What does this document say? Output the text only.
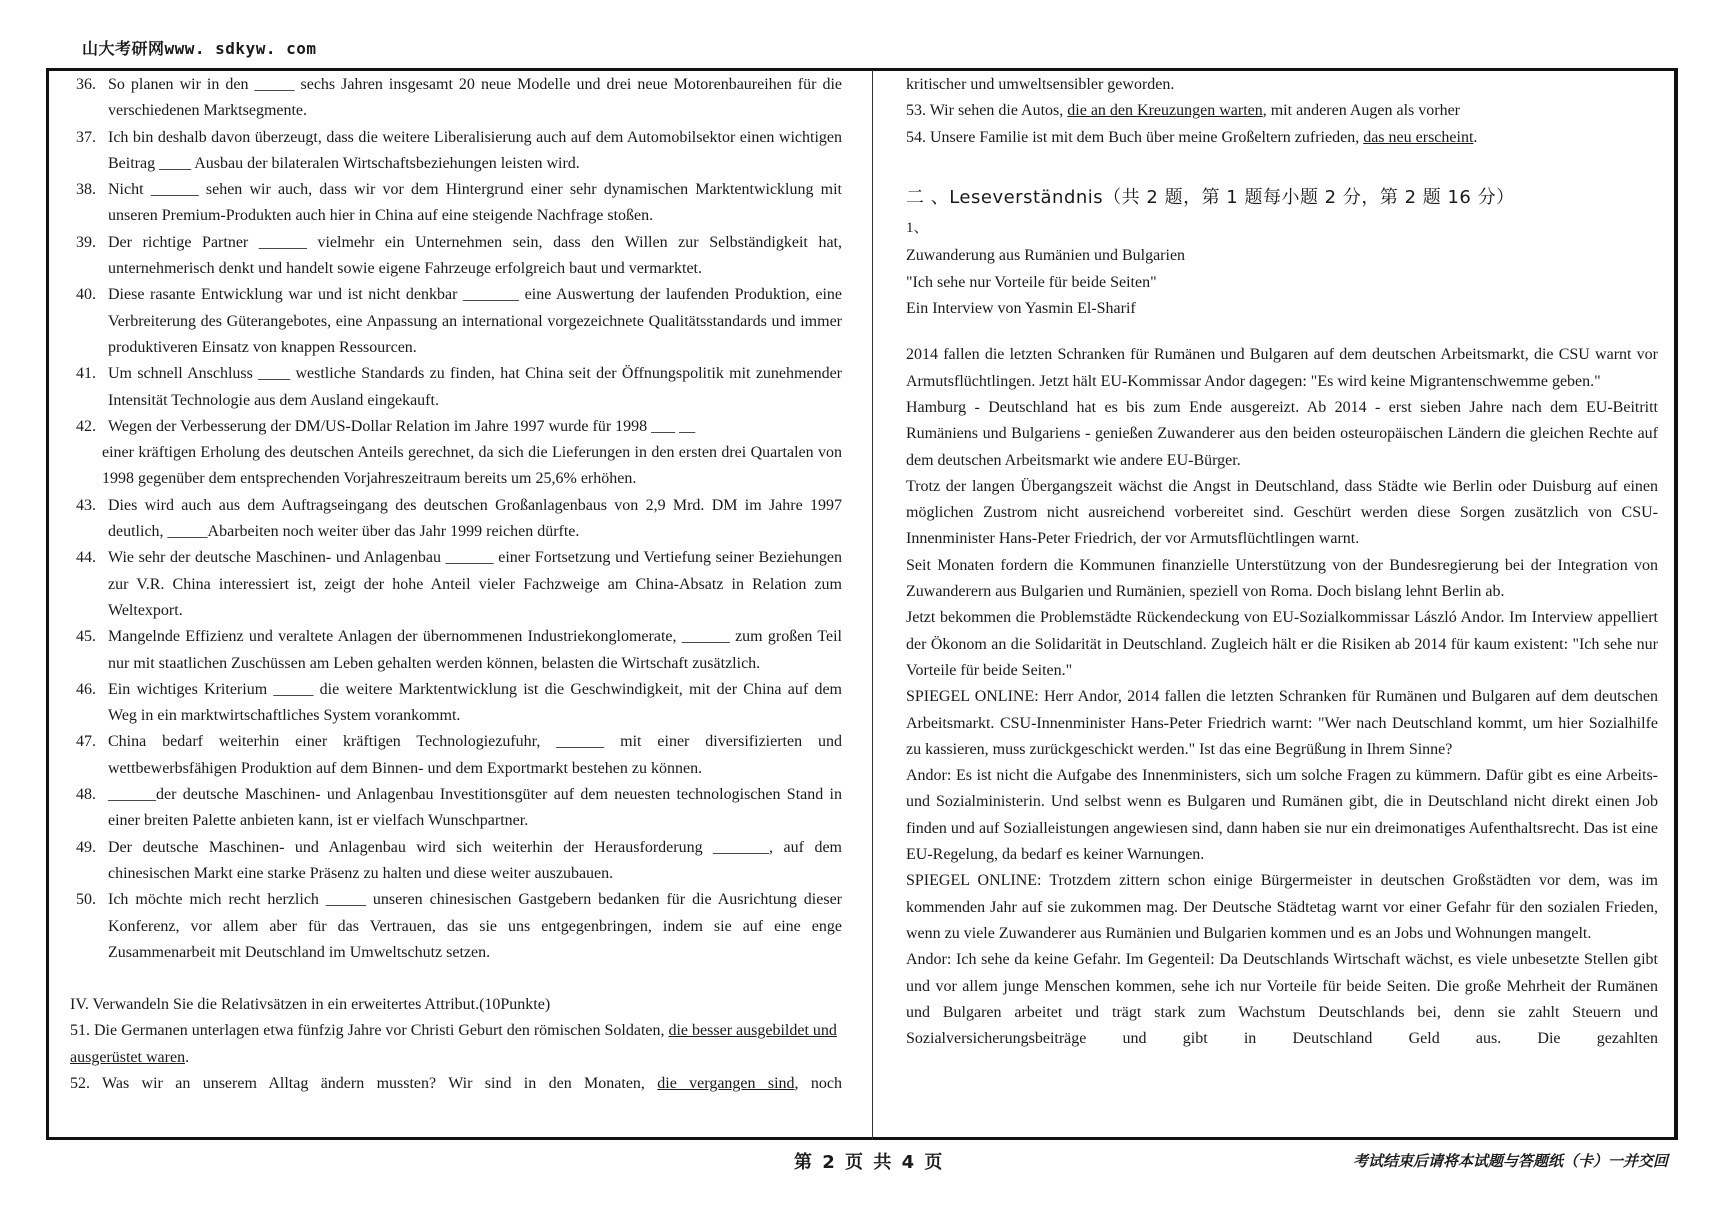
山大考研网www. sdkyw. com
36. So planen wir in den _____ sechs Jahren insgesamt 20 neue Modelle und drei neue Motorenbaureihen für die verschiedenen Marktsegmente.
37. Ich bin deshalb davon überzeugt, dass die weitere Liberalisierung auch auf dem Automobilsektor einen wichtigen Beitrag ____ Ausbau der bilateralen Wirtschaftsbeziehungen leisten wird.
38. Nicht ______ sehen wir auch, dass wir vor dem Hintergrund einer sehr dynamischen Marktentwicklung mit unseren Premium-Produkten auch hier in China auf eine steigende Nachfrage stoßen.
39. Der richtige Partner ______ vielmehr ein Unternehmen sein, dass den Willen zur Selbständigkeit hat, unternehmerisch denkt und handelt sowie eigene Fahrzeuge erfolgreich baut und vermarktet.
40. Diese rasante Entwicklung war und ist nicht denkbar _______ eine Auswertung der laufenden Produktion, eine Verbreiterung des Güterangebotes, eine Anpassung an international vorgezeichnete Qualitätsstandards und immer produktiveren Einsatz von knappen Ressourcen.
41. Um schnell Anschluss ____ westliche Standards zu finden, hat China seit der Öffnungspolitik mit zunehmender Intensität Technologie aus dem Ausland eingekauft.
42. Wegen der Verbesserung der DM/US-Dollar Relation im Jahre 1997 wurde für 1998 ___ __
einer kräftigen Erholung des deutschen Anteils gerechnet, da sich die Lieferungen in den ersten drei Quartalen von 1998 gegenüber dem entsprechenden Vorjahreszeitraum bereits um 25,6% erhöhen.
43. Dies wird auch aus dem Auftragseingang des deutschen Großanlagenbaus von 2,9 Mrd. DM im Jahre 1997 deutlich, _____Abarbeiten noch weiter über das Jahr 1999 reichen dürfte.
44. Wie sehr der deutsche Maschinen- und Anlagenbau ______ einer Fortsetzung und Vertiefung seiner Beziehungen zur V.R. China interessiert ist, zeigt der hohe Anteil vieler Fachzweige am China-Absatz in Relation zum Weltexport.
45. Mangelnde Effizienz und veraltete Anlagen der übernommenen Industriekonglomerate, ______ zum großen Teil nur mit staatlichen Zuschüssen am Leben gehalten werden können, belasten die Wirtschaft zusätzlich.
46. Ein wichtiges Kriterium _____ die weitere Marktentwicklung ist die Geschwindigkeit, mit der China auf dem Weg in ein marktwirtschaftliches System vorankommt.
47. China bedarf weiterhin einer kräftigen Technologiezufuhr, ______ mit einer diversifizierten und wettbewerbsfähigen Produktion auf dem Binnen- und dem Exportmarkt bestehen zu können.
48. ______der deutsche Maschinen- und Anlagenbau Investitionsgüter auf dem neuesten technologischen Stand in einer breiten Palette anbieten kann, ist er vielfach Wunschpartner.
49. Der deutsche Maschinen- und Anlagenbau wird sich weiterhin der Herausforderung _______, auf dem chinesischen Markt eine starke Präsenz zu halten und diese weiter auszubauen.
50. Ich möchte mich recht herzlich _____ unseren chinesischen Gastgebern bedanken für die Ausrichtung dieser Konferenz, vor allem aber für das Vertrauen, das sie uns entgegenbringen, indem sie auf eine enge Zusammenarbeit mit Deutschland im Umweltschutz setzen.

IV. Verwandeln Sie die Relativsätzen in ein erweitertes Attribut.(10Punkte)

51. Die Germanen unterlagen etwa fünfzig Jahre vor Christi Geburt den römischen Soldaten, die besser ausgebildet und ausgerüstet waren.

52. Was wir an unserem Alltag ändern mussten? Wir sind in den Monaten, die vergangen sind, noch

kritischer und umweltsensibler geworden.

53. Wir sehen die Autos, die an den Kreuzungen warten, mit anderen Augen als vorher

54. Unsere Familie ist mit dem Buch über meine Großeltern zufrieden, das neu erscheint.

二 、Leseverständnis（共 2 题，第 1 题每小题 2 分，第 2 题 16 分）
1、

Zuwanderung aus Rumänien und Bulgarien

"Ich sehe nur Vorteile für beide Seiten"

Ein Interview von Yasmin El-Sharif

2014 fallen die letzten Schranken für Rumänen und Bulgaren auf dem deutschen Arbeitsmarkt, die CSU warnt vor Armutsflüchtlingen. Jetzt hält EU-Kommissar Andor dagegen: "Es wird keine Migrantenschwemme geben."

Hamburg - Deutschland hat es bis zum Ende ausgereizt. Ab 2014 - erst sieben Jahre nach dem EU-Beitritt Rumäniens und Bulgariens - genießen Zuwanderer aus den beiden osteuropäischen Ländern die gleichen Rechte auf dem deutschen Arbeitsmarkt wie andere EU-Bürger.

Trotz der langen Übergangszeit wächst die Angst in Deutschland, dass Städte wie Berlin oder Duisburg auf einen möglichen Zustrom nicht ausreichend vorbereitet sind. Geschürt werden diese Sorgen zusätzlich von CSU-Innenminister Hans-Peter Friedrich, der vor Armutsflüchtlingen warnt.

Seit Monaten fordern die Kommunen finanzielle Unterstützung von der Bundesregierung bei der Integration von Zuwanderern aus Bulgarien und Rumänien, speziell von Roma. Doch bislang lehnt Berlin ab.

Jetzt bekommen die Problemstädte Rückendeckung von EU-Sozialkommissar László Andor. Im Interview appelliert der Ökonom an die Solidarität in Deutschland. Zugleich hält er die Risiken ab 2014 für kaum existent: "Ich sehe nur Vorteile für beide Seiten."

SPIEGEL ONLINE: Herr Andor, 2014 fallen die letzten Schranken für Rumänen und Bulgaren auf dem deutschen Arbeitsmarkt. CSU-Innenminister Hans-Peter Friedrich warnt: "Wer nach Deutschland kommt, um hier Sozialhilfe zu kassieren, muss zurückgeschickt werden." Ist das eine Begrüßung in Ihrem Sinne?

Andor: Es ist nicht die Aufgabe des Innenministers, sich um solche Fragen zu kümmern. Dafür gibt es eine Arbeits- und Sozialministerin. Und selbst wenn es Bulgaren und Rumänen gibt, die in Deutschland nicht direkt einen Job finden und auf Sozialleistungen angewiesen sind, dann haben sie nur ein dreimonatiges Aufenthaltsrecht. Das ist eine EU-Regelung, da bedarf es keiner Warnungen.

SPIEGEL ONLINE: Trotzdem zittern schon einige Bürgermeister in deutschen Großstädten vor dem, was im kommenden Jahr auf sie zukommen mag. Der Deutsche Städtetag warnt vor einer Gefahr für den sozialen Frieden, wenn zu viele Zuwanderer aus Rumänien und Bulgarien kommen und es an Jobs und Wohnungen mangelt.

Andor: Ich sehe da keine Gefahr. Im Gegenteil: Da Deutschlands Wirtschaft wächst, es viele unbesetzte Stellen gibt und vor allem junge Menschen kommen, sehe ich nur Vorteile für beide Seiten. Die große Mehrheit der Rumänen und Bulgaren arbeitet und trägt stark zum Wachstum Deutschlands bei, denn sie zahlt Steuern und Sozialversicherungsbeiträge und gibt in Deutschland Geld aus. Die gezahlten

第 2 页 共 4 页	考试结束后请将本试题与答题纸（卡）一并交回
